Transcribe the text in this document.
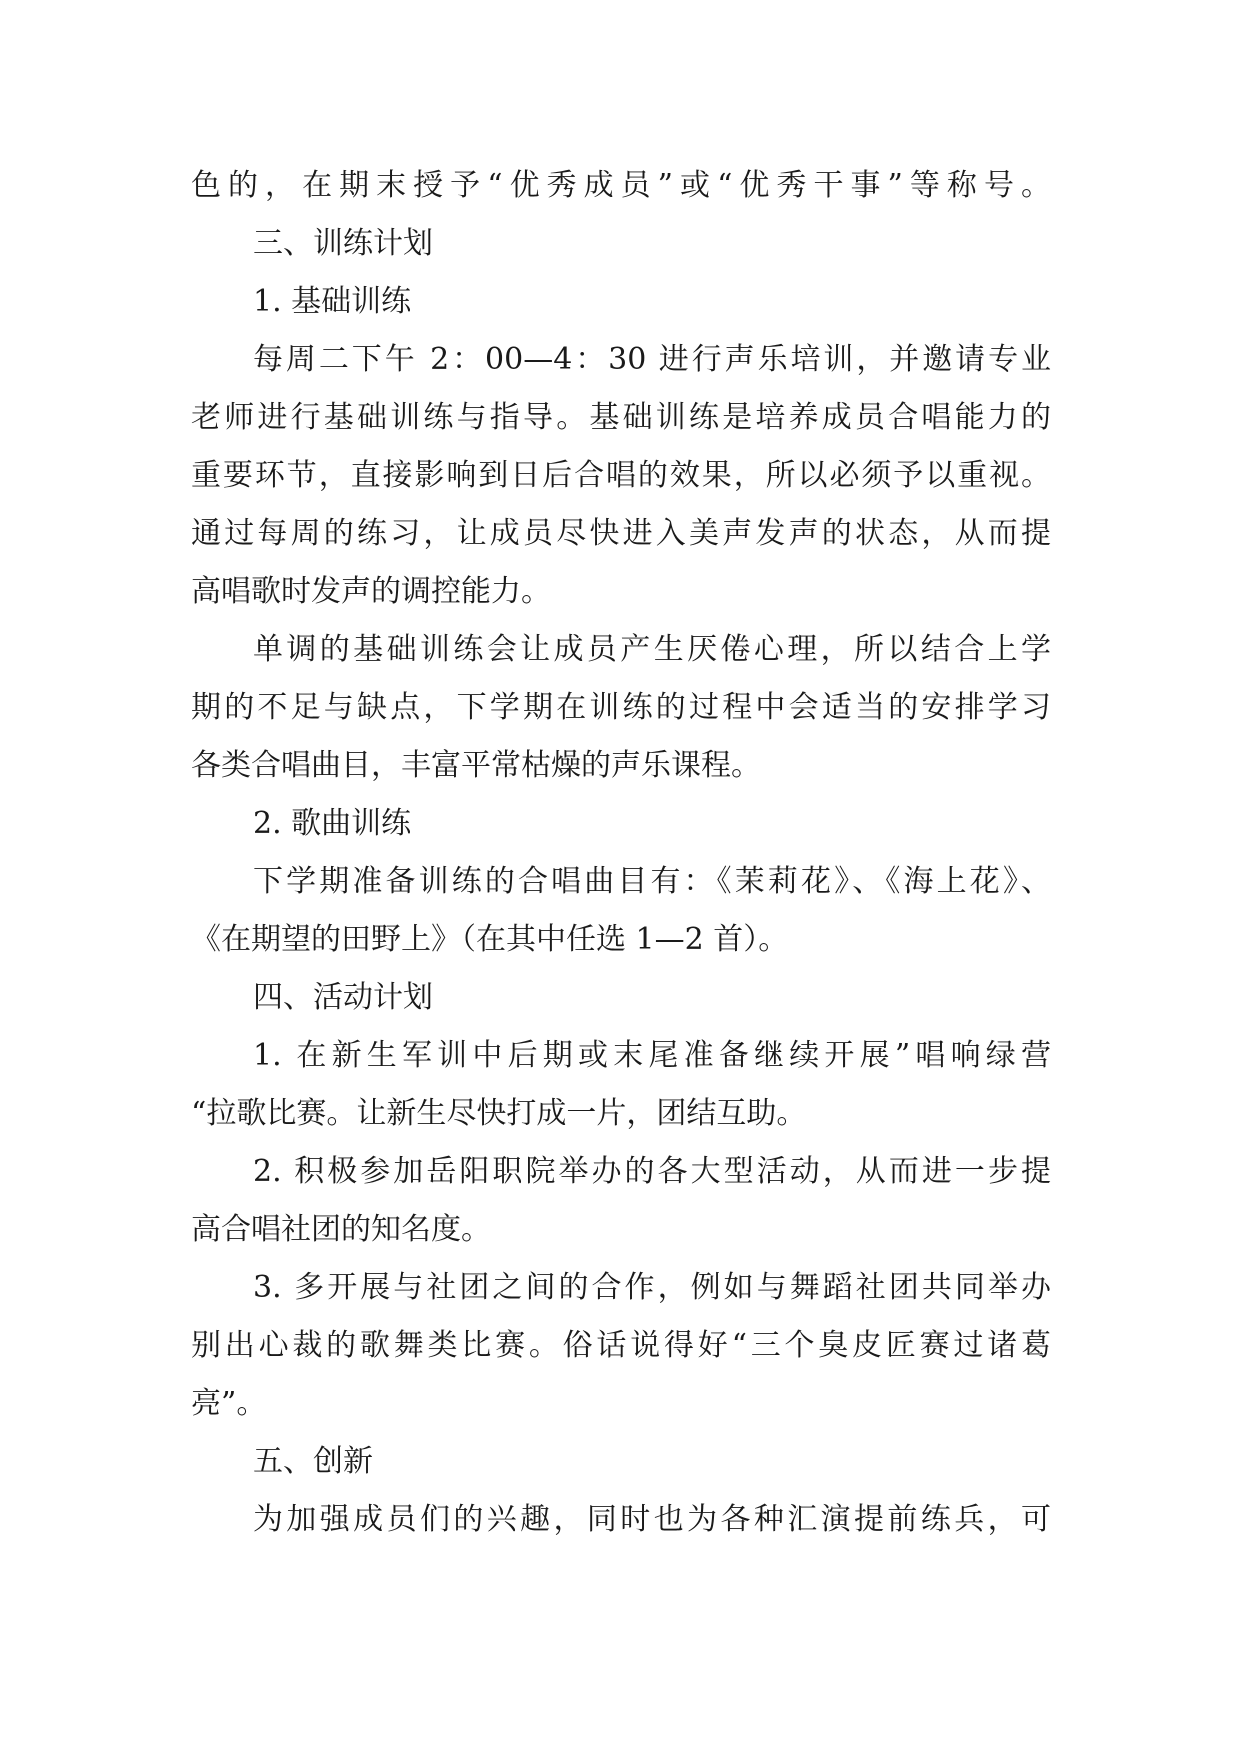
色的，在期末授予“优秀成员”或“优秀干事”等称号。
三、训练计划
1. 基础训练
每周二下午 2：00—4：30 进行声乐培训，并邀请专业
老师进行基础训练与指导。基础训练是培养成员合唱能力的
重要环节，直接影响到日后合唱的效果，所以必须予以重视。
通过每周的练习，让成员尽快进入美声发声的状态，从而提
高唱歌时发声的调控能力。
单调的基础训练会让成员产生厌倦心理，所以结合上学
期的不足与缺点，下学期在训练的过程中会适当的安排学习
各类合唱曲目，丰富平常枯燥的声乐课程。
2. 歌曲训练
下学期准备训练的合唱曲目有：《茉莉花》、《海上花》、
《在期望的田野上》（在其中任选 1—2 首）。
四、活动计划
1. 在新生军训中后期或末尾准备继续开展”唱响绿营
“拉歌比赛。让新生尽快打成一片，团结互助。
2. 积极参加岳阳职院举办的各大型活动，从而进一步提
高合唱社团的知名度。
3. 多开展与社团之间的合作，例如与舞蹈社团共同举办
别出心裁的歌舞类比赛。俗话说得好“三个臭皮匠赛过诸葛
亮”。
五、创新
为加强成员们的兴趣，同时也为各种汇演提前练兵，可
